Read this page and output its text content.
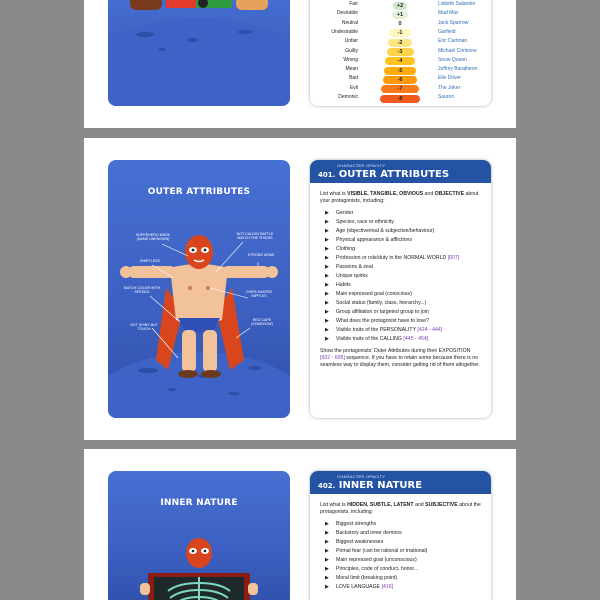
Fair	+2	Lisbeth Salander
Desirable	+1	Mad Max
Neutral	0	Jack Sparrow
Undesirable	-1	Garfield
Unfair	-2	Eric Cartman
Guilty	-3	Michael Corleone
Wrong	-4	Snow Queen
Mean	-5	Joffrey Baratheon
Bad	-6	Elle Driver
Evil	-7	The Joker
Demonic	-8	Sauron
OUTER ATTRIBUTES
SUPERHERO MASK (NAME UNKNOWN)
NOT CALLED BATTLE MATCH THE THIGHS
SHIRTLESS
STRONG ARMS
MATCH COLOR WITH SPEEDO	OVER-SHAPED NIPPLES
NOT SHINY BUT TOUGH
RED CAPE (SOMEHOW)
CHARACTER OPACITY
401. OUTER ATTRIBUTES

List what is VISIBLE, TANGIBLE, OBVIOUS and OBJECTIVE about your protagonists, including:

▶ Gender
▶ Species, race or ethnicity
▶ Age (objective/real & subjective/behaviour)
▶ Physical appearance & afflictions
▶ Clothing
▶ Profession or role/duty in the NORMAL WORLD [607]
▶ Passions & zeal
▶ Unique quirks
▶ Habits
▶ Main expressed goal (conscious)
▶ Social status (family, class, hierarchy...)
▶ Group affiliation or targeted group to join
▶ What does the protagonist have to lose?
▶ Visible traits of the PERSONALITY [424 - 444]
▶ Visible traits of the CALLING [445 - 454]

Show the protagonists' Outer Attributes during their EXPOSITION [602 - 605] sequence. If you have to retain some because there is no seamless way to display them, consider getting rid of them altogether.

INNER NATURE
CHARACTER OPACITY
402. INNER NATURE

List what is HIDDEN, SUBTLE, LATENT and SUBJECTIVE about the protagonists, including:

▶ Biggest strengths
▶ Backstory and inner demons
▶ Biggest weaknesses
▶ Primal fear (can be rational or irrational)
▶ Main repressed goal (unconscious)
▶ Principles, code of conduct, honor...
▶ Moral limit (breaking point)
▶ LOVE LANGUAGE [416]
